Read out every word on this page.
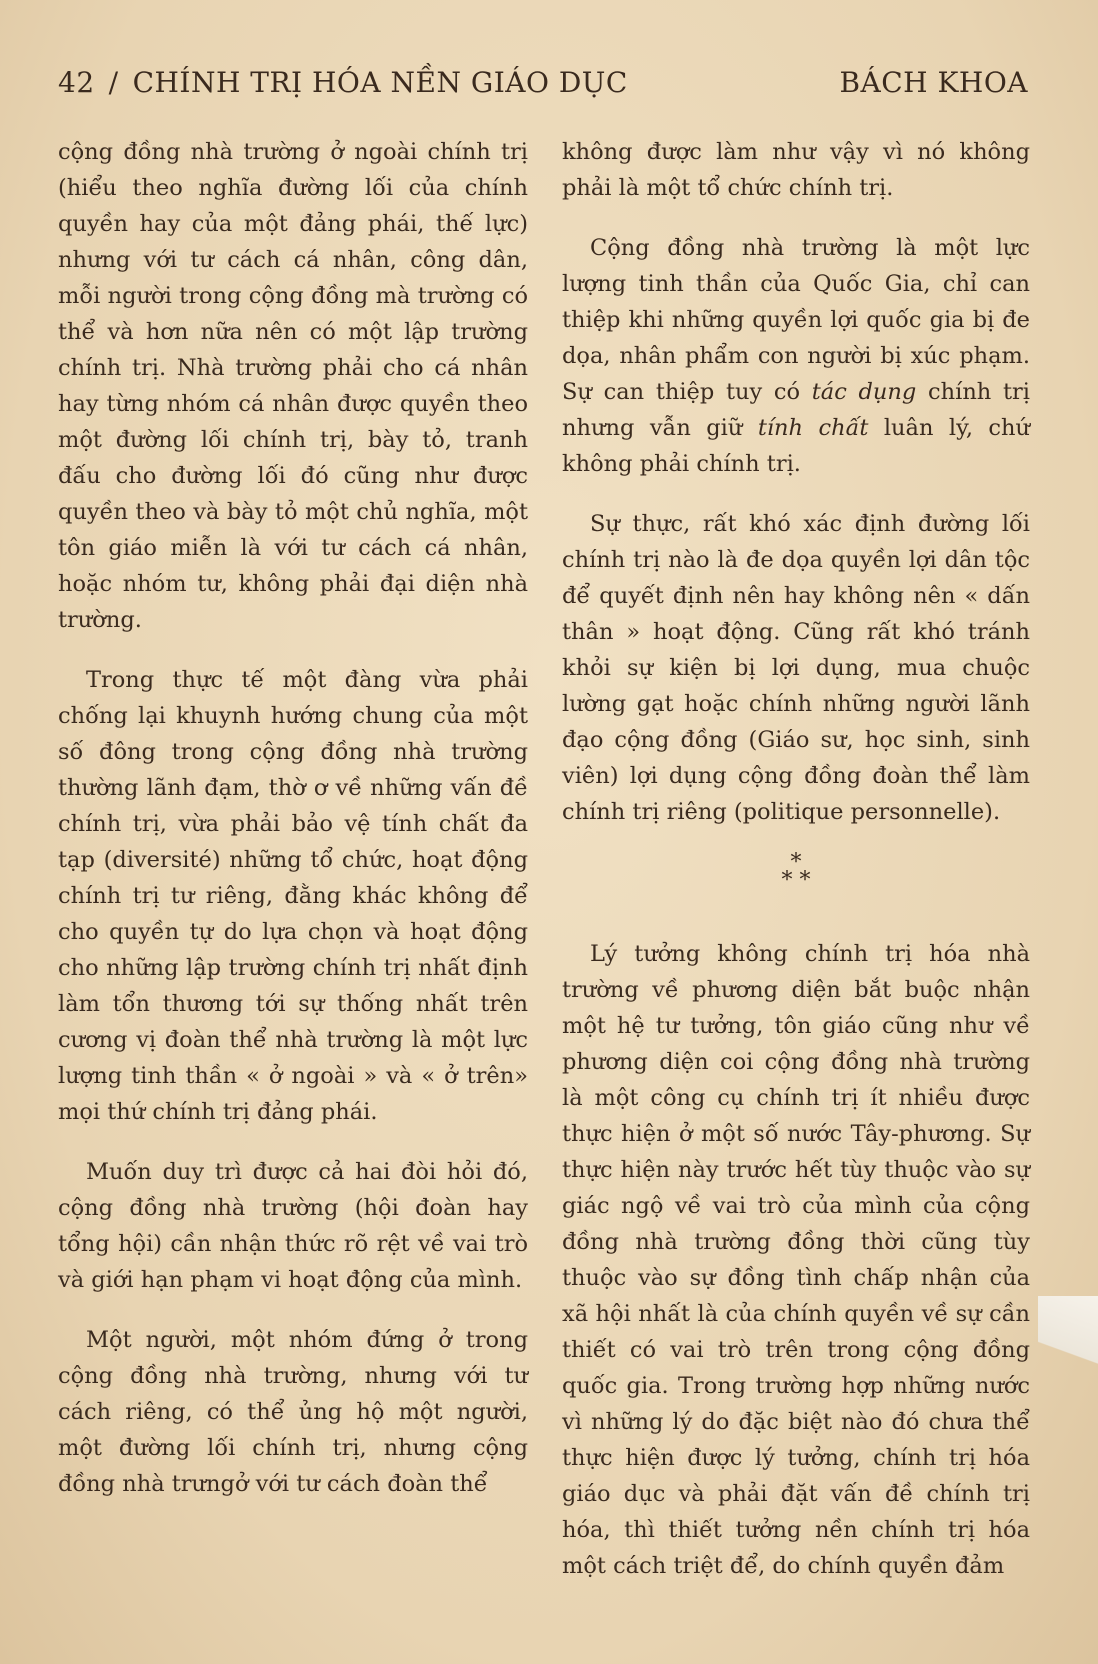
42 / CHÍNH TRỊ HÓA NỀN GIÁO DỤC	BÁCH KHOA

cộng đồng nhà trường ở ngoài chính trị (hiểu theo nghĩa đường lối của chính quyền hay của một đảng phái, thế lực) nhưng với tư cách cá nhân, công dân, mỗi người trong cộng đồng mà trường có thể và hơn nữa nên có một lập trường chính trị. Nhà trường phải cho cá nhân hay từng nhóm cá nhân được quyền theo một đường lối chính trị, bày tỏ, tranh đấu cho đường lối đó cũng như được quyền theo và bày tỏ một chủ nghĩa, một tôn giáo miễn là với tư cách cá nhân, hoặc nhóm tư, không phải đại diện nhà trường.

Trong thực tế một đàng vừa phải chống lại khuynh hướng chung của một số đông trong cộng đồng nhà trường thường lãnh đạm, thờ ơ về những vấn đề chính trị, vừa phải bảo vệ tính chất đa tạp (diversité) những tổ chức, hoạt động chính trị tư riêng, đằng khác không để cho quyền tự do lựa chọn và hoạt động cho những lập trường chính trị nhất định làm tổn thương tới sự thống nhất trên cương vị đoàn thể nhà trường là một lực lượng tinh thần « ở ngoài » và « ở trên» mọi thứ chính trị đảng phái.

Muốn duy trì được cả hai đòi hỏi đó, cộng đồng nhà trường (hội đoàn hay tổng hội) cần nhận thức rõ rệt về vai trò và giới hạn phạm vi hoạt động của mình.

Một người, một nhóm đứng ở trong cộng đồng nhà trường, nhưng với tư cách riêng, có thể ủng hộ một người, một đường lối chính trị, nhưng cộng đồng nhà trưngở với tư cách đoàn thể

không được làm như vậy vì nó không phải là một tổ chức chính trị.

Cộng đồng nhà trường là một lực lượng tinh thần của Quốc Gia, chỉ can thiệp khi những quyền lợi quốc gia bị đe dọa, nhân phẩm con người bị xúc phạm. Sự can thiệp tuy có tác dụng chính trị nhưng vẫn giữ tính chất luân lý, chứ không phải chính trị.

Sự thực, rất khó xác định đường lối chính trị nào là đe dọa quyền lợi dân tộc để quyết định nên hay không nên « dấn thân » hoạt động. Cũng rất khó tránh khỏi sự kiện bị lợi dụng, mua chuộc lường gạt hoặc chính những người lãnh đạo cộng đồng (Giáo sư, học sinh, sinh viên) lợi dụng cộng đồng đoàn thể làm chính trị riêng (politique personnelle).

*
* *

Lý tưởng không chính trị hóa nhà trường về phương diện bắt buộc nhận một hệ tư tưởng, tôn giáo cũng như về phương diện coi cộng đồng nhà trường là một công cụ chính trị ít nhiều được thực hiện ở một số nước Tây-phương. Sự thực hiện này trước hết tùy thuộc vào sự giác ngộ về vai trò của mình của cộng đồng nhà trường đồng thời cũng tùy thuộc vào sự đồng tình chấp nhận của xã hội nhất là của chính quyền về sự cần thiết có vai trò trên trong cộng đồng quốc gia. Trong trường hợp những nước vì những lý do đặc biệt nào đó chưa thể thực hiện được lý tưởng, chính trị hóa giáo dục và phải đặt vấn đề chính trị hóa, thì thiết tưởng nền chính trị hóa một cách triệt để, do chính quyền đảm
